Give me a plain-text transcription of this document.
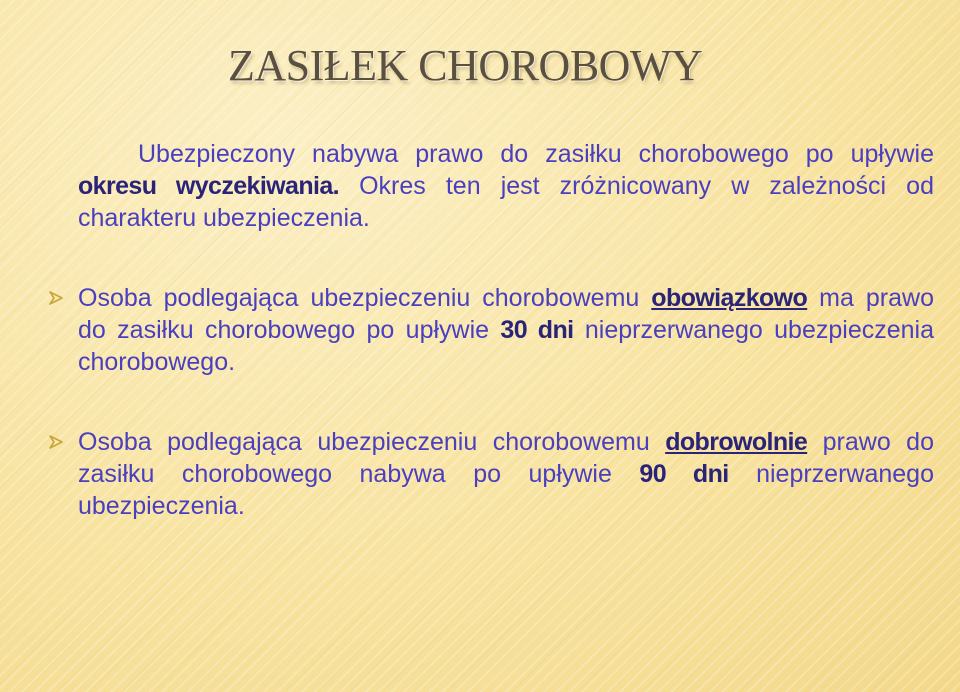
ZASIŁEK CHOROBOWY

Ubezpieczony nabywa prawo do zasiłku chorobowego po upływie okresu wyczekiwania. Okres ten jest zróżnicowany w zależności od charakteru ubezpieczenia.

Osoba podlegająca ubezpieczeniu chorobowemu obowiązkowo ma prawo do zasiłku chorobowego po upływie 30 dni nieprzerwanego ubezpieczenia chorobowego.
Osoba podlegająca ubezpieczeniu chorobowemu dobrowolnie prawo do zasiłku chorobowego nabywa po upływie 90 dni nieprzerwanego ubezpieczenia.
